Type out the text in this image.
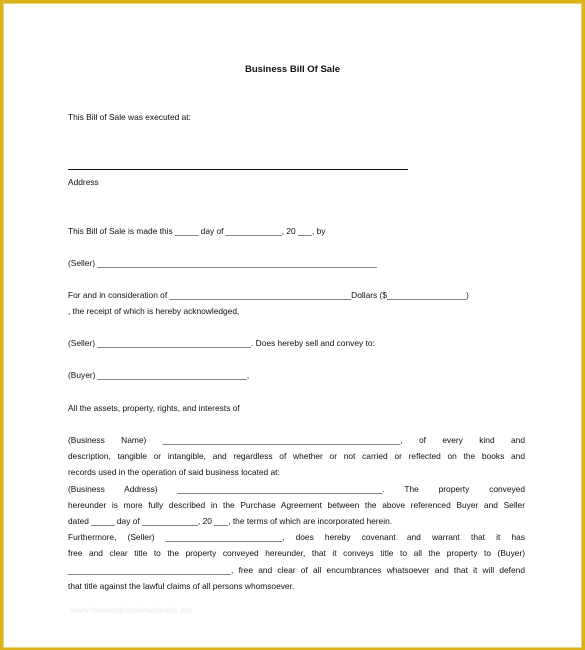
Business Bill Of Sale
This Bill of Sale was executed at:
Address
This Bill of Sale is made this _____ day of ____________, 20 ___, by
(Seller) ____________________________________________________________
For and in consideration of _______________________________________Dollars ($_________________)
, the receipt of which is hereby acknowledged,
(Seller) _________________________________. Does hereby sell and convey to:
(Buyer) ________________________________,
All the assets, property, rights, and interests of
(Business Name) ___________________________________________________, of every kind and
description, tangible or intangible, and regardless of whether or not carried or reflected on the books and
records used in the operation of said business located at:
(Business Address) ____________________________________________. The property conveyed
hereunder is more fully described in the Purchase Agreement between the above referenced Buyer and Seller
dated _____ day of ____________, 20 ___, the terms of which are incorporated herein.
Furthermore, (Seller) _________________________, does hereby covenant and warrant that it has
free and clear title to the property conveyed hereunder, that it conveys title to all the property to (Buyer)
___________________________________, free and clear of all encumbrances whatsoever and that it will defend
that title against the lawful claims of all persons whomsoever.
www.freetemplatedownloads.net
